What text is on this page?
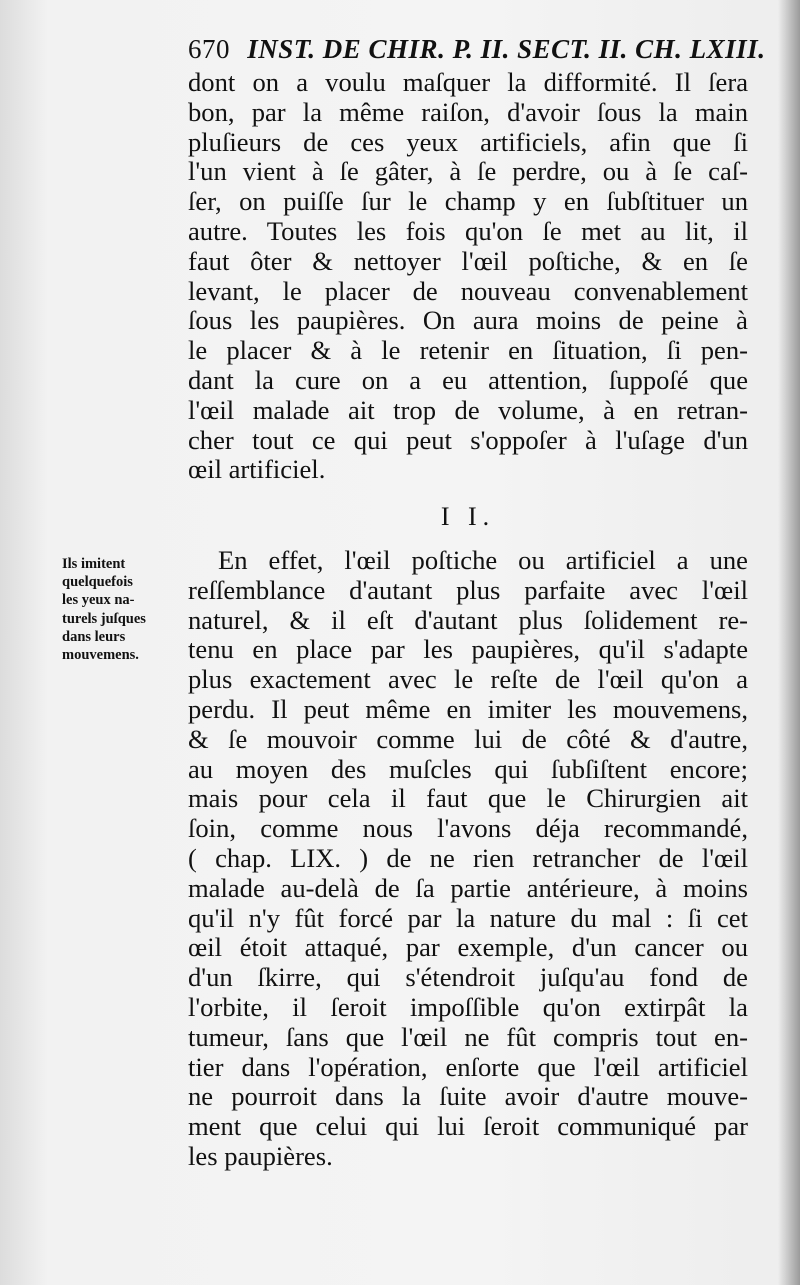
670 INST. DE CHIR. P. II. SECT. II. CH. LXIII.
dont on a voulu maſquer la difformité. Il ſera
bon, par la même raiſon, d'avoir ſous la main
pluſieurs de ces yeux artificiels, afin que ſi
l'un vient à ſe gâter, à ſe perdre, ou à ſe caſ-
ſer, on puiſſe ſur le champ y en ſubſtituer un
autre. Toutes les fois qu'on ſe met au lit, il
faut ôter & nettoyer l'œil poſtiche, & en ſe
levant, le placer de nouveau convenablement
ſous les paupières. On aura moins de peine à
le placer & à le retenir en ſituation, ſi pen-
dant la cure on a eu attention, ſuppoſé que
l'œil malade ait trop de volume, à en retran-
cher tout ce qui peut s'oppoſer à l'uſage d'un
œil artificiel.
I I.
Ils imitent
quelquefois
les yeux na-
turels juſques
dans leurs
mouvemens.
En effet, l'œil poſtiche ou artificiel a une
reſſemblance d'autant plus parfaite avec l'œil
naturel, & il eſt d'autant plus ſolidement re-
tenu en place par les paupières, qu'il s'adapte
plus exactement avec le reſte de l'œil qu'on a
perdu. Il peut même en imiter les mouvemens,
& ſe mouvoir comme lui de côté & d'autre,
au moyen des muſcles qui ſubſiſtent encore;
mais pour cela il faut que le Chirurgien ait
ſoin, comme nous l'avons déja recommandé,
( chap. LIX. ) de ne rien retrancher de l'œil
malade au-delà de ſa partie antérieure, à moins
qu'il n'y fût forcé par la nature du mal : ſi cet
œil étoit attaqué, par exemple, d'un cancer ou
d'un ſkirre, qui s'étendroit juſqu'au fond de
l'orbite, il ſeroit impoſſible qu'on extirpât la
tumeur, ſans que l'œil ne fût compris tout en-
tier dans l'opération, enſorte que l'œil artificiel
ne pourroit dans la ſuite avoir d'autre mouve-
ment que celui qui lui ſeroit communiqué par
les paupières.
